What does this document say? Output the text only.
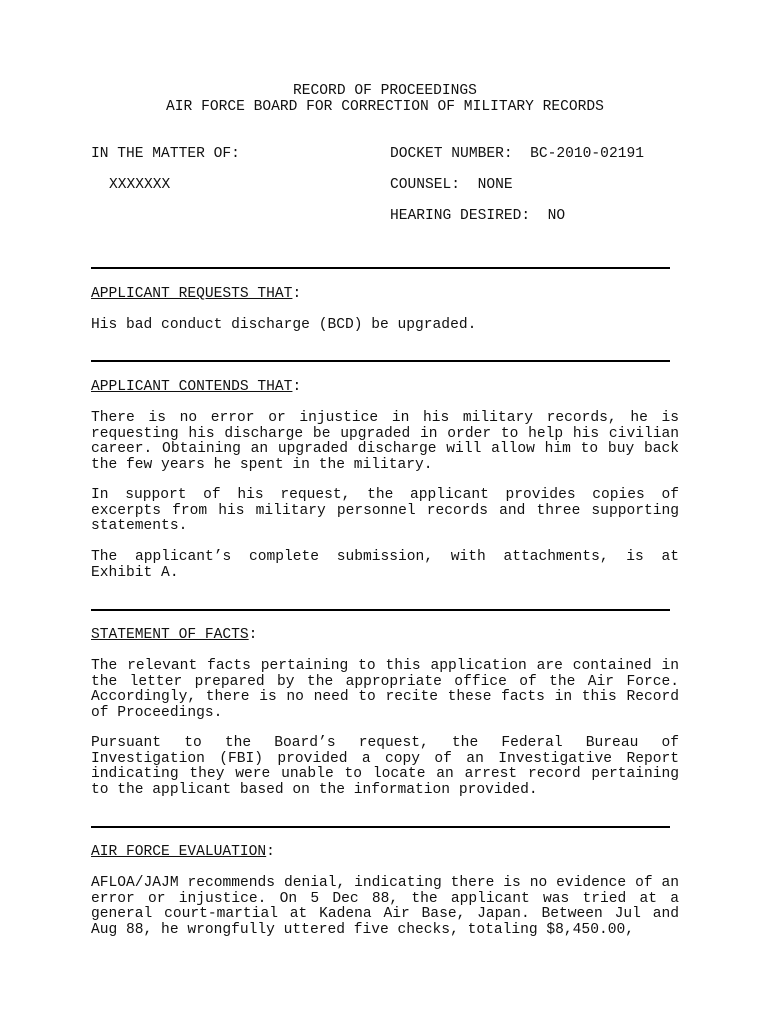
RECORD OF PROCEEDINGS
AIR FORCE BOARD FOR CORRECTION OF MILITARY RECORDS
IN THE MATTER OF:	DOCKET NUMBER:  BC-2010-02191
XXXXXXX	COUNSEL:  NONE
HEARING DESIRED:  NO
APPLICANT REQUESTS THAT:
His bad conduct discharge (BCD) be upgraded.
APPLICANT CONTENDS THAT:
There is no error or injustice in his military records, he is requesting his discharge be upgraded in order to help his civilian career. Obtaining an upgraded discharge will allow him to buy back the few years he spent in the military.
In support of his request, the applicant provides copies of excerpts from his military personnel records and three supporting statements.
The applicant’s complete submission, with attachments, is at Exhibit A.
STATEMENT OF FACTS:
The relevant facts pertaining to this application are contained in the letter prepared by the appropriate office of the Air Force. Accordingly, there is no need to recite these facts in this Record of Proceedings.
Pursuant to the Board’s request, the Federal Bureau of Investigation (FBI) provided a copy of an Investigative Report indicating they were unable to locate an arrest record pertaining to the applicant based on the information provided.
AIR FORCE EVALUATION:
AFLOA/JAJM recommends denial, indicating there is no evidence of an error or injustice. On 5 Dec 88, the applicant was tried at a general court-martial at Kadena Air Base, Japan. Between Jul and Aug 88, he wrongfully uttered five checks, totaling $8,450.00,
